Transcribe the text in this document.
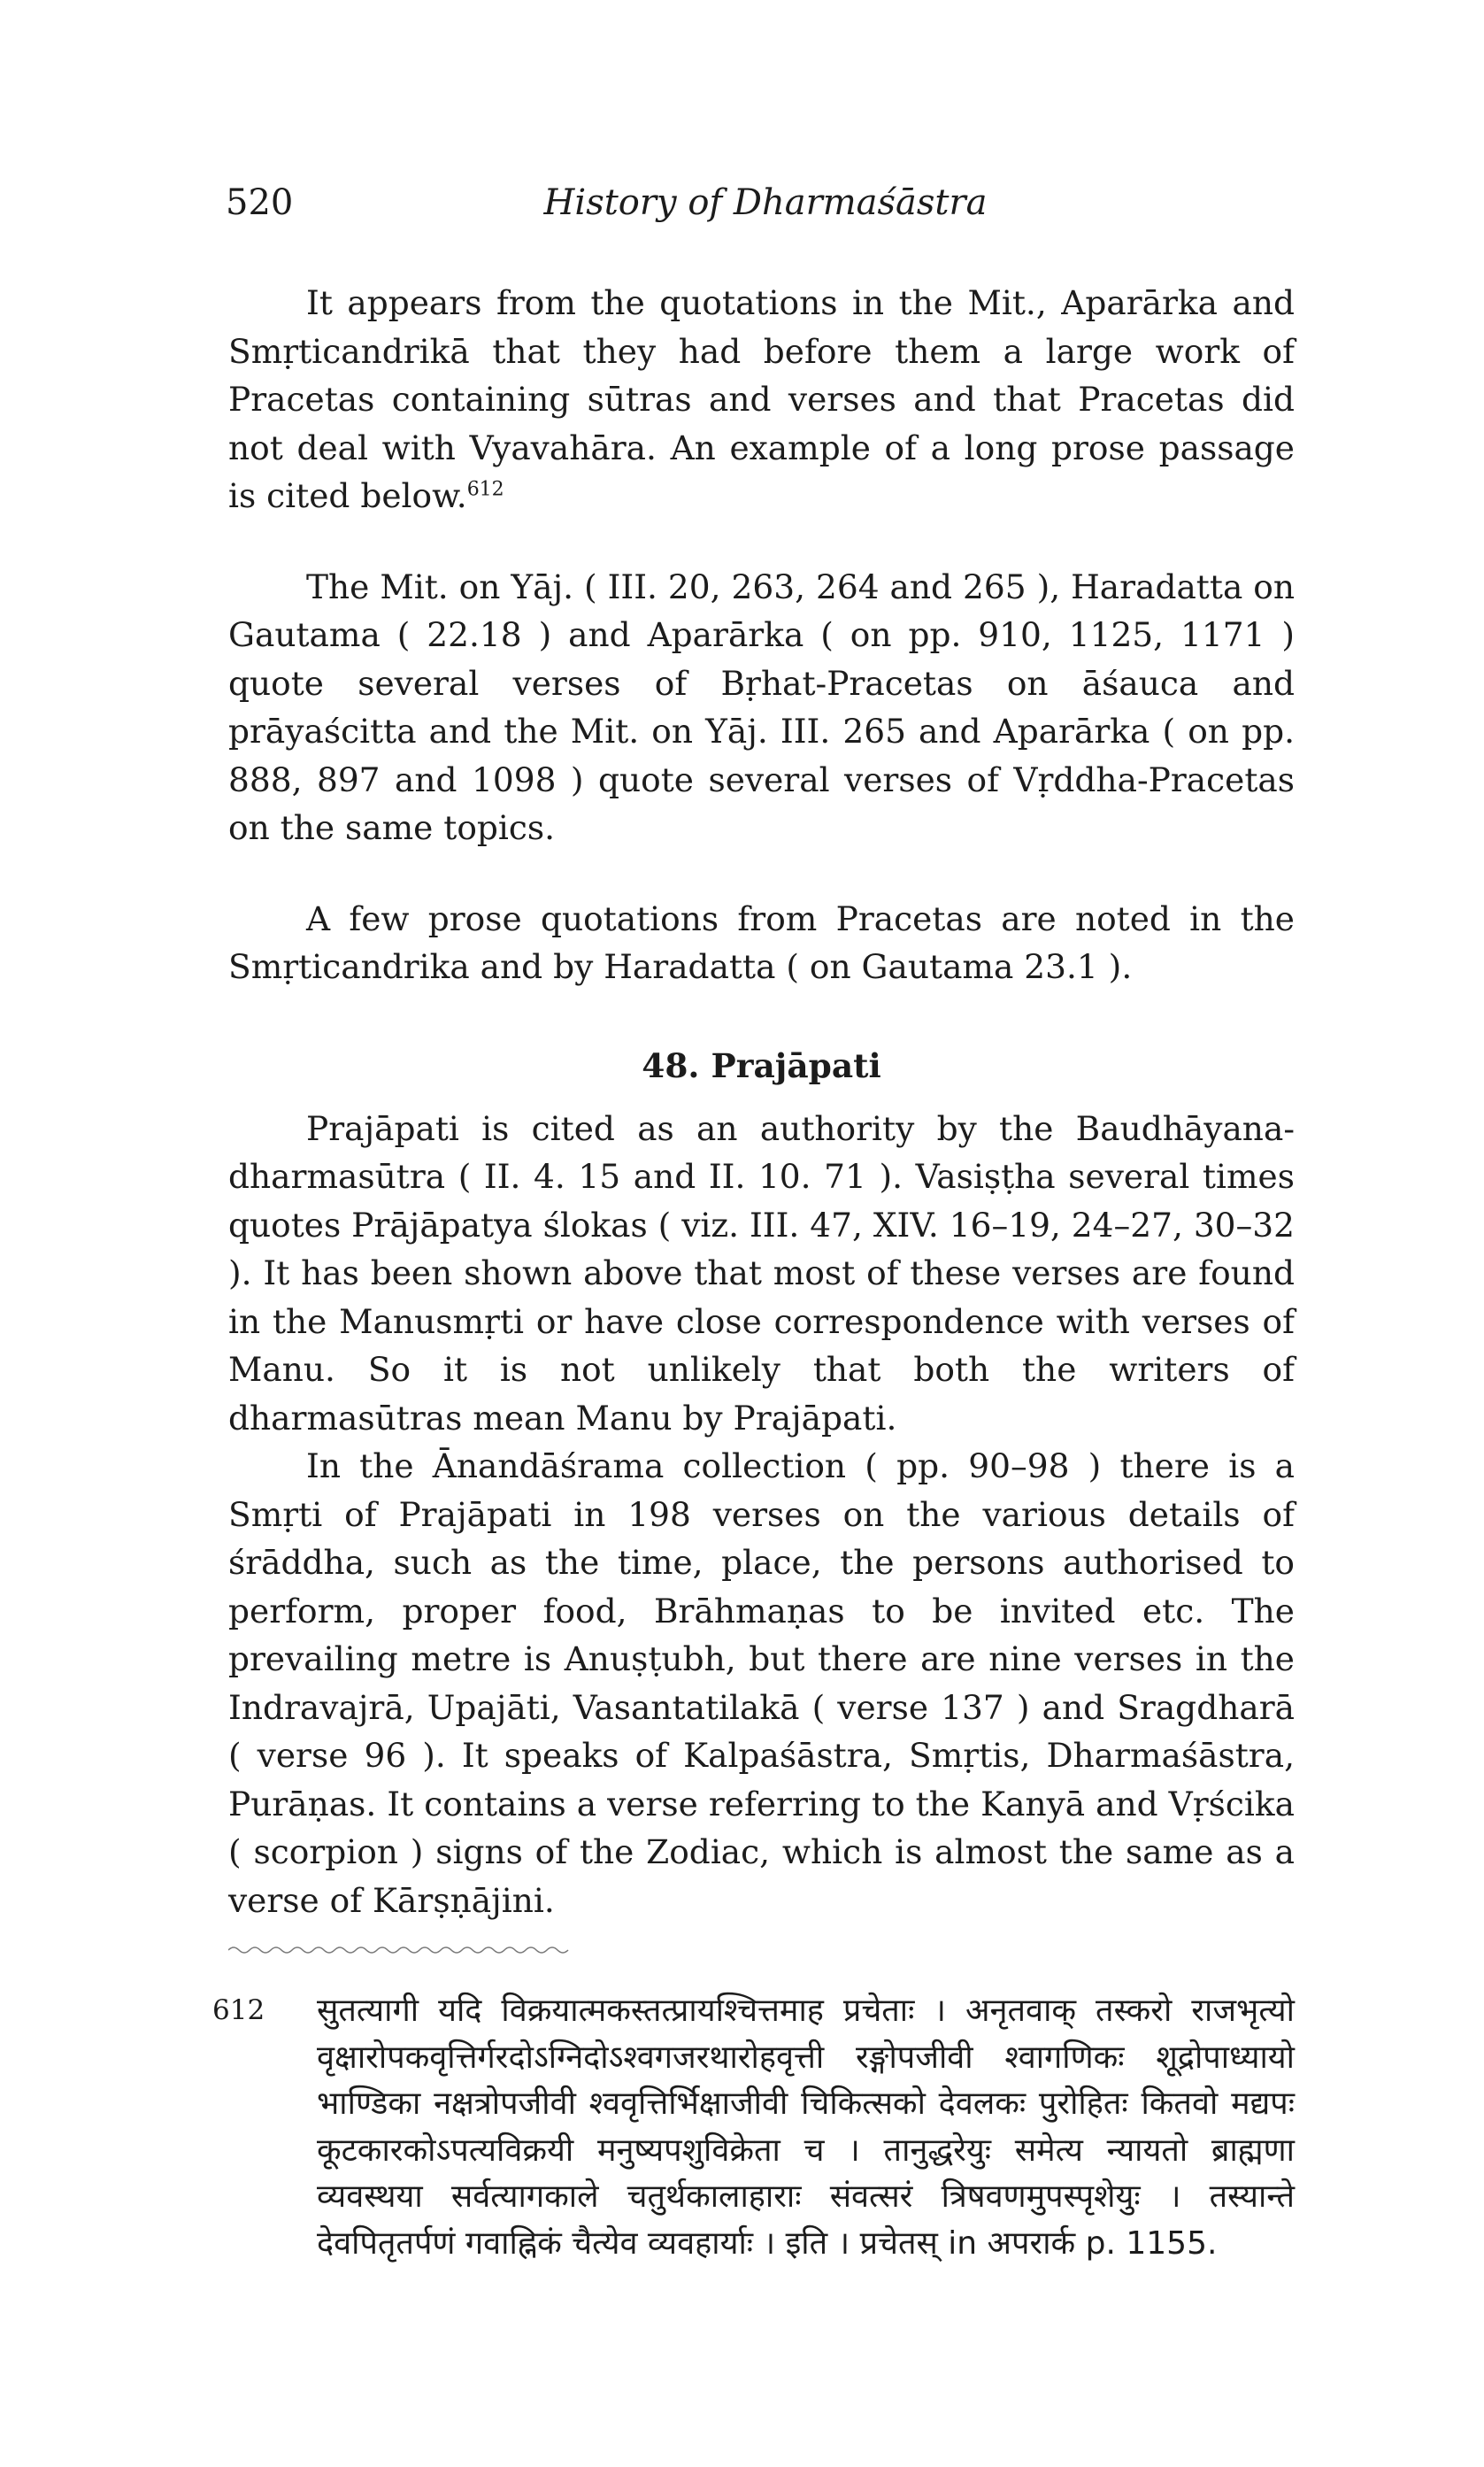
520	History of Dharmaśāstra

It appears from the quotations in the Mit., Aparārka and Smṛticandrikā that they had before them a large work of Pracetas containing sūtras and verses and that Pracetas did not deal with Vyavahāra. An example of a long prose passage is cited below.$^{612}$

The Mit. on Yāj. ( III. 20, 263, 264 and 265 ), Haradatta on Gautama ( 22.18 ) and Aparārka ( on pp. 910, 1125, 1171 ) quote several verses of Bṛhat-Pracetas on āśauca and prāyaścitta and the Mit. on Yāj. III. 265 and Aparārka ( on pp. 888, 897 and 1098 ) quote several verses of Vṛddha-Pracetas on the same topics.

A few prose quotations from Pracetas are noted in the Smṛticandrika and by Haradatta ( on Gautama 23.1 ).

48. Prajāpati

Prajāpati is cited as an authority by the Baudhāyana-dharmasūtra ( II. 4. 15 and II. 10. 71 ). Vasiṣṭha several times quotes Prājāpatya ślokas ( viz. III. 47, XIV. 16–19, 24–27, 30–32 ). It has been shown above that most of these verses are found in the Manusmṛti or have close correspondence with verses of Manu. So it is not unlikely that both the writers of dharmasūtras mean Manu by Prajāpati.

In the Ānandāśrama collection ( pp. 90–98 ) there is a Smṛti of Prajāpati in 198 verses on the various details of śrāddha, such as the time, place, the persons authorised to perform, proper food, Brāhmaṇas to be invited etc. The prevailing metre is Anuṣṭubh, but there are nine verses in the Indravajrā, Upajāti, Vasantatilakā ( verse 137 ) and Sragdharā ( verse 96 ). It speaks of Kalpaśāstra, Smṛtis, Dharmaśāstra, Purāṇas. It contains a verse referring to the Kanyā and Vṛścika ( scorpion ) signs of the Zodiac, which is almost the same as a verse of Kārṣṇājini.

612 सुतत्यागी यदि विक्रयात्मकस्तत्प्रायश्चित्तमाह प्रचेताः । अनृतवाक् तस्करो राजभृत्यो वृक्षारोपकवृत्तिर्गरदोऽग्निदोऽश्वगजरथारोहवृत्ती रङ्गोपजीवी श्वागणिकः शूद्रोपाध्यायो भाण्डिका नक्षत्रोपजीवी श्ववृत्तिर्भिक्षाजीवी चिकित्सको देवलकः पुरोहितः कितवो मद्यपः कूटकारकोऽपत्यविक्रयी मनुष्यपशुविक्रेता च । तानुद्धरेयुः समेत्य न्यायतो ब्राह्मणा व्यवस्थया सर्वत्यागकाले चतुर्थकालाहाराः संवत्सरं त्रिषवणमुपस्पृशेयुः । तस्यान्ते देवपितृतर्पणं गवाह्निकं चैत्येव व्यवहार्याः । इति । प्रचेतस् in अपरार्क p. 1155.
